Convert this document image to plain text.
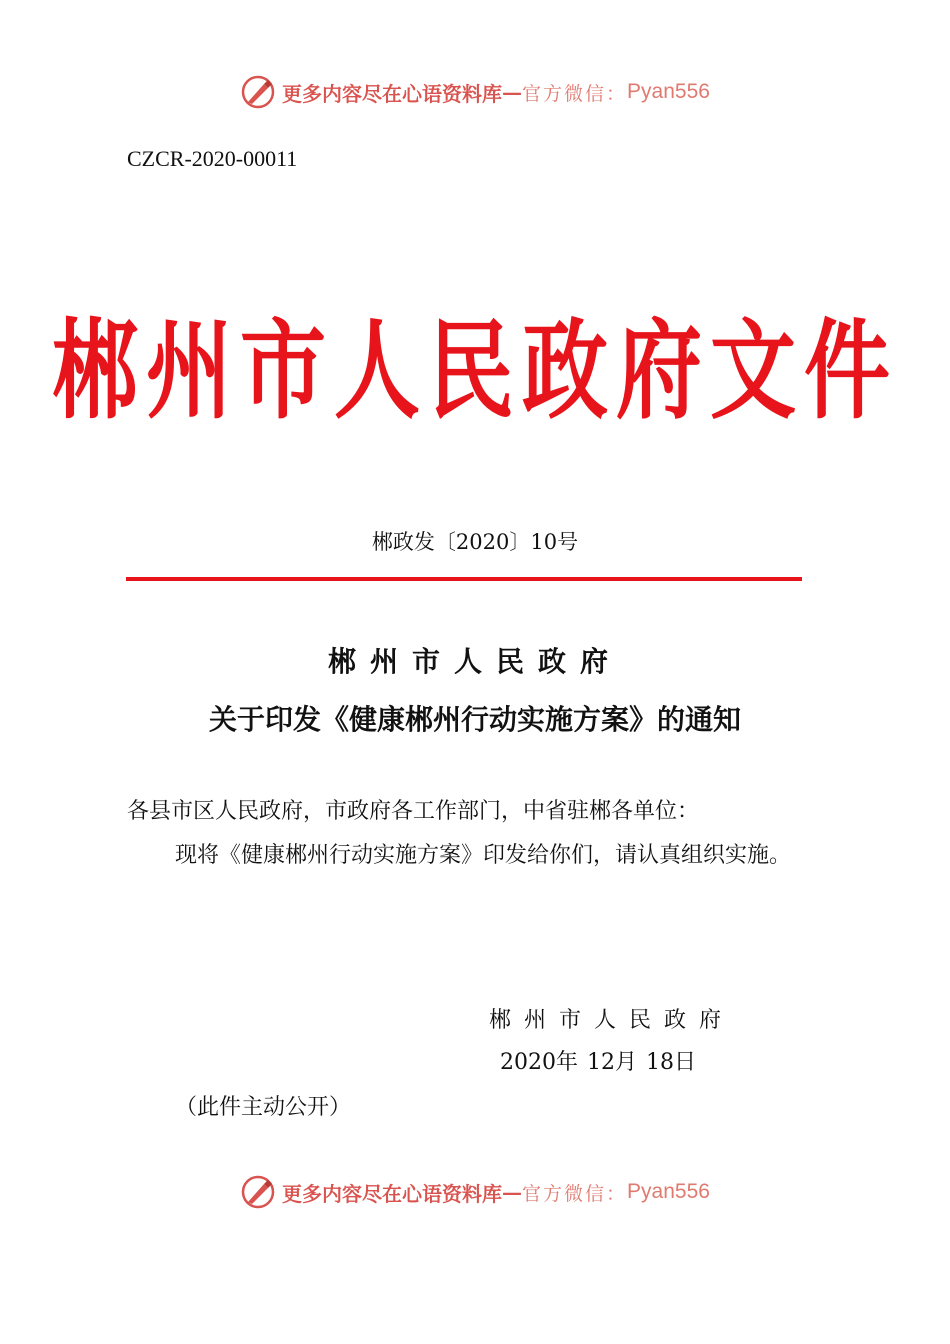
更多内容尽在心语资料库 — 官方微信： Pyan556
CZCR-2020-00011
郴州市人民政府文件
郴政发〔2020〕10号
郴州市人民政府
关于印发《健康郴州行动实施方案》的通知
各县市区人民政府，市政府各工作部门，中省驻郴各单位：
现将《健康郴州行动实施方案》印发给你们，请认真组织实施。
郴州市人民政府
2020年 12月 18日
（此件主动公开）
更多内容尽在心语资料库 — 官方微信： Pyan556
